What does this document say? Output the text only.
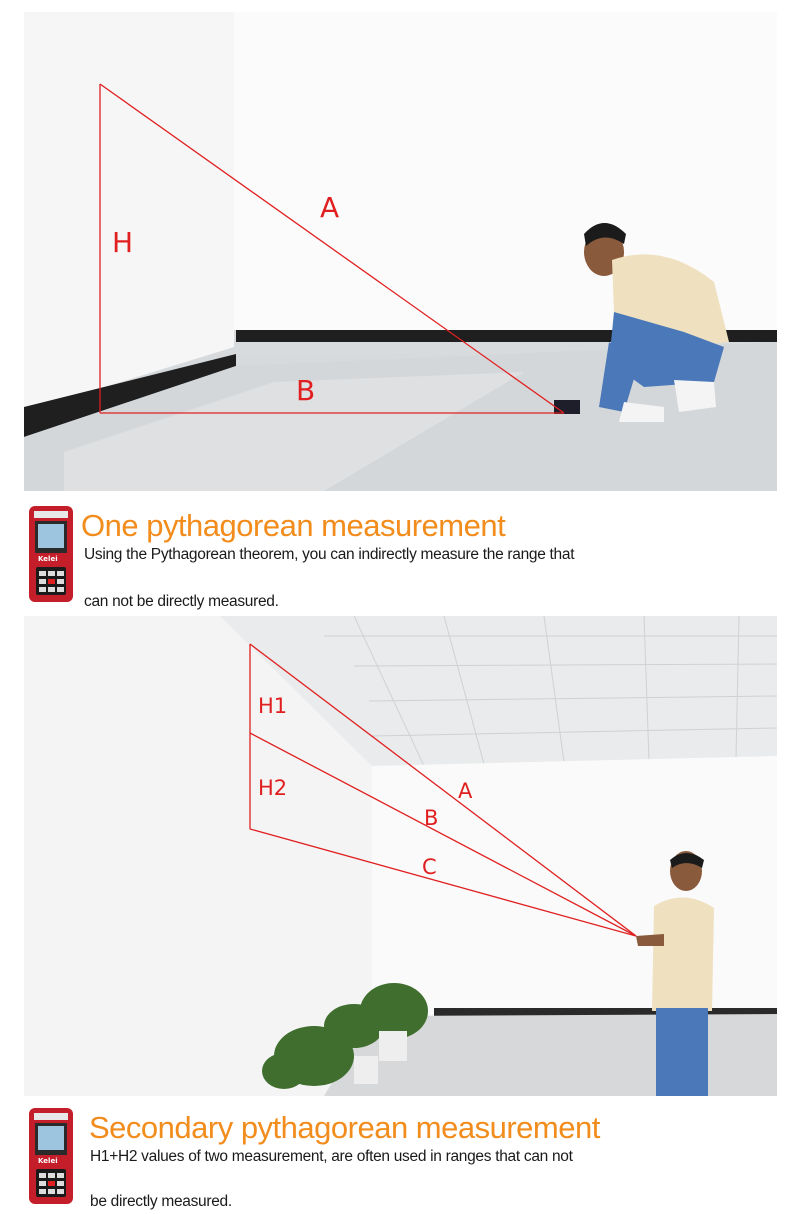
H
A
B
Kelei
One pythagorean measurement
Using the Pythagorean theorem, you can indirectly measure the range that
can not be directly measured.
H1
H2	A
B
C
Kelei
Secondary pythagorean measurement
H1+H2 values of two measurement, are often used in ranges that can not
be directly measured.
